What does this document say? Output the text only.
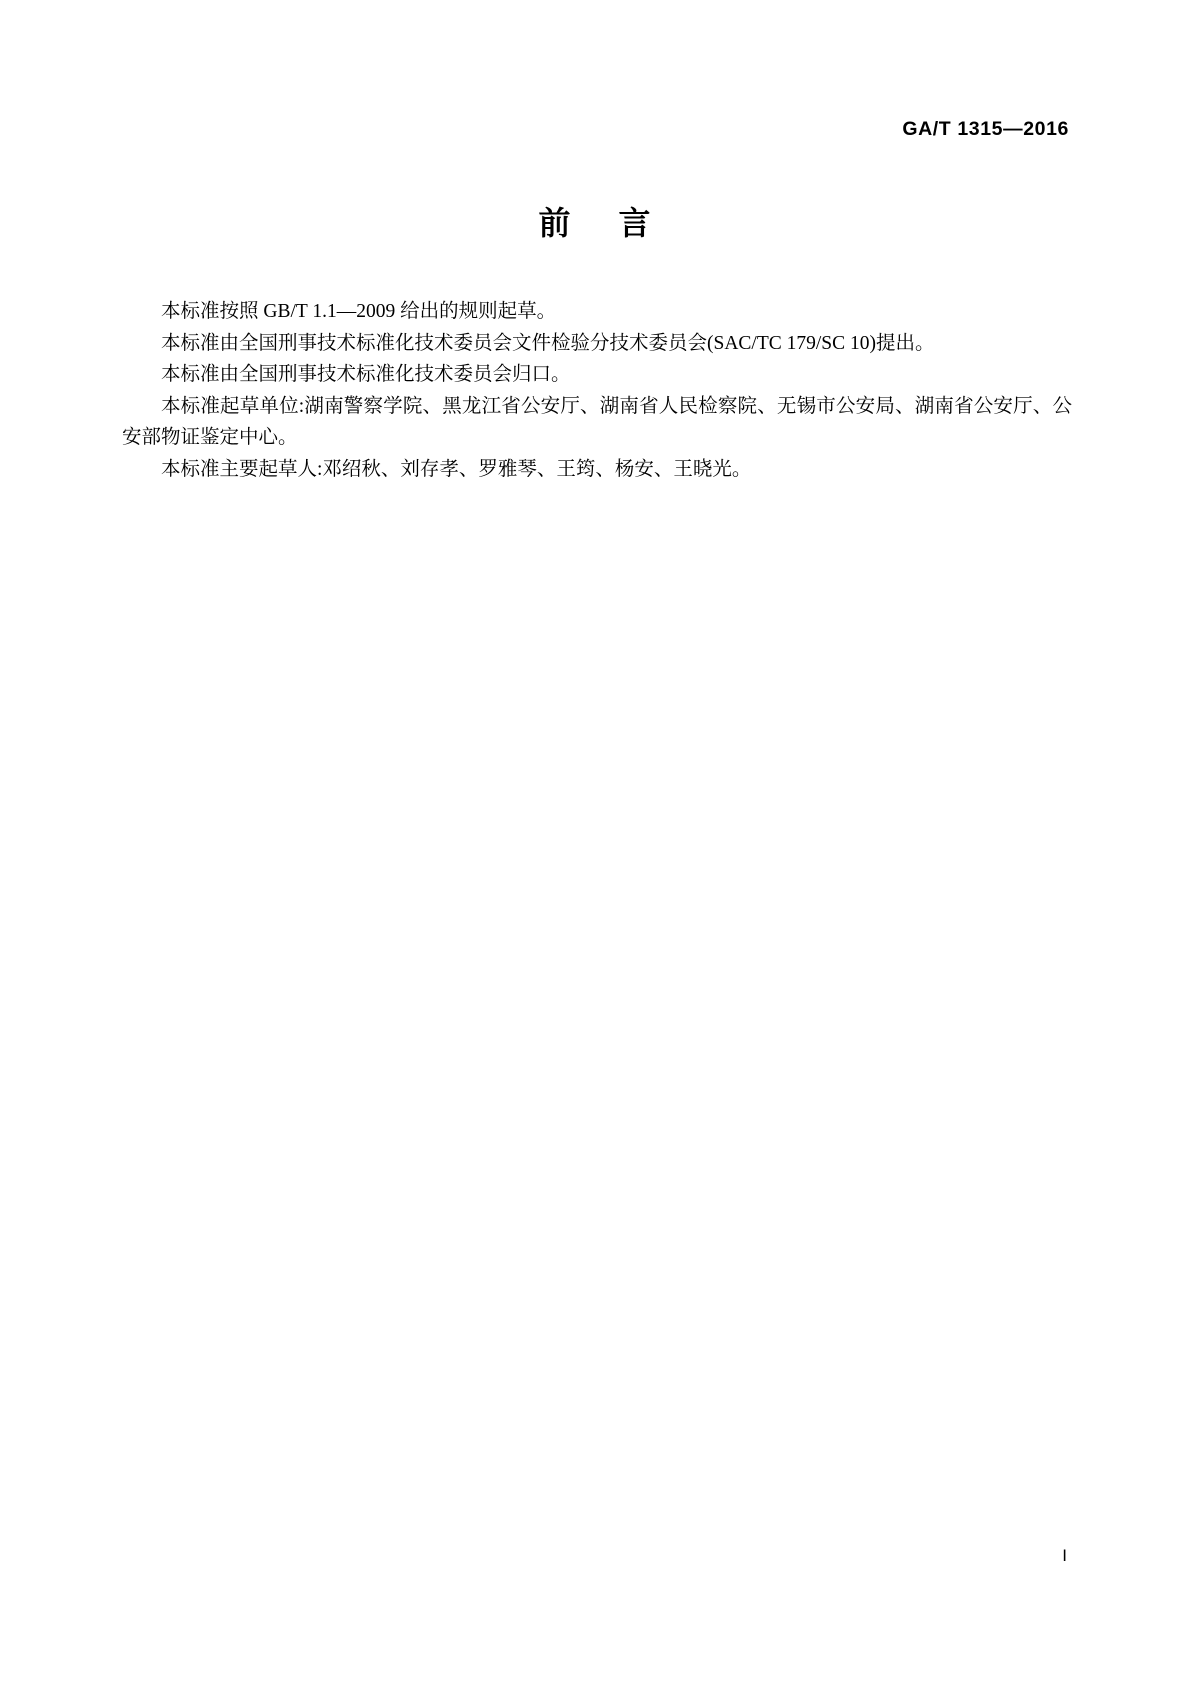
GA/T 1315—2016
前 言

本标准按照 GB/T 1.1—2009 给出的规则起草。

本标准由全国刑事技术标准化技术委员会文件检验分技术委员会(SAC/TC 179/SC 10)提出。

本标准由全国刑事技术标准化技术委员会归口。

本标准起草单位:湖南警察学院、黑龙江省公安厅、湖南省人民检察院、无锡市公安局、湖南省公安厅、公安部物证鉴定中心。

本标准主要起草人:邓绍秋、刘存孝、罗雅琴、王筠、杨安、王晓光。

I
